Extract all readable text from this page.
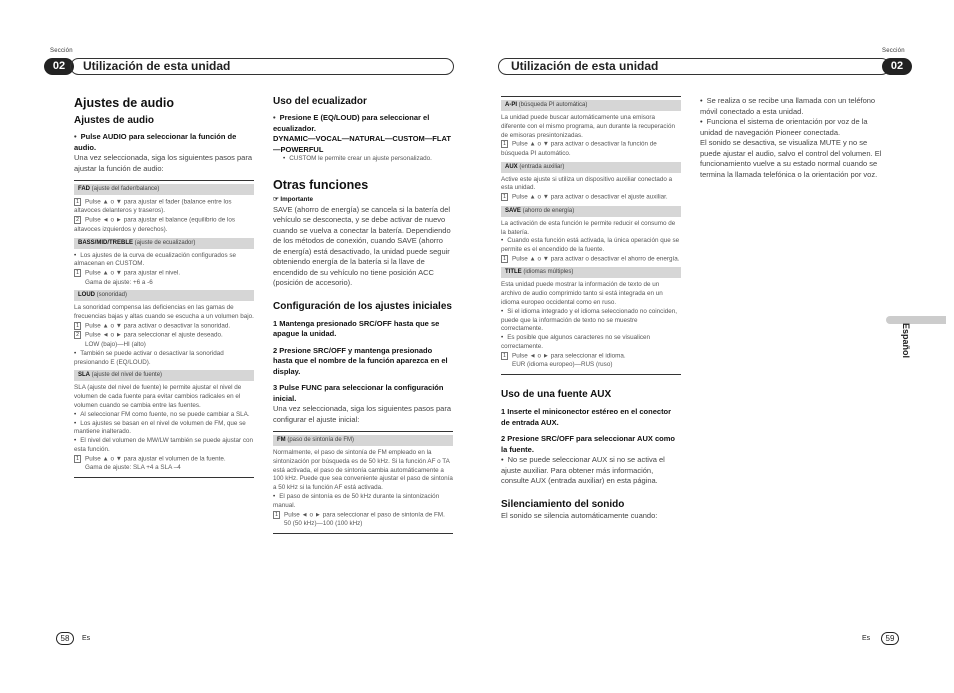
Sección
02	Utilización de esta unidad
Sección
Utilización de esta unidad	02
Ajustes de audio
Ajustes de audio
• Pulse AUDIO para seleccionar la función de audio.
Una vez seleccionada, siga los siguientes pasos para ajustar la función de audio:
FAD (ajuste del fader/balance)
1 Pulse ▲ o ▼ para ajustar el fader (balance entre los altavoces delanteros y traseros).
2 Pulse ◄ o ► para ajustar el balance (equilibrio de los altavoces izquierdos y derechos).
BASS/MID/TREBLE (ajuste de ecualizador)
• Los ajustes de la curva de ecualización configurados se almacenan en CUSTOM.
1 Pulse ▲ o ▼ para ajustar el nivel.
Gama de ajuste: +6 a -6
LOUD (sonoridad)
La sonoridad compensa las deficiencias en las gamas de frecuencias bajas y altas cuando se escucha a un volumen bajo.
1 Pulse ▲ o ▼ para activar o desactivar la sonoridad.
2 Pulse ◄ o ► para seleccionar el ajuste deseado.
LOW (bajo)—HI (alto)
• También se puede activar o desactivar la sonoridad presionando E (EQ/LOUD).
SLA (ajuste del nivel de fuente)
SLA (ajuste del nivel de fuente) le permite ajustar el nivel de volumen de cada fuente para evitar cambios radicales en el volumen cuando se cambia entre las fuentes.
• Al seleccionar FM como fuente, no se puede cambiar a SLA.
• Los ajustes se basan en el nivel de volumen de FM, que se mantiene inalterado.
• El nivel del volumen de MW/LW también se puede ajustar con esta función.
1 Pulse ▲ o ▼ para ajustar el volumen de la fuente.
Gama de ajuste: SLA +4 a SLA –4
Uso del ecualizador
• Presione E (EQ/LOUD) para seleccionar el ecualizador.
DYNAMIC—VOCAL—NATURAL—CUSTOM—FLAT—POWERFUL
• CUSTOM le permite crear un ajuste personalizado.
Otras funciones
☞ Importante
SAVE (ahorro de energía) se cancela si la batería del vehículo se desconecta, y se debe activar de nuevo cuando se vuelva a conectar la batería. Dependiendo de los métodos de conexión, cuando SAVE (ahorro de energía) está desactivado, la unidad puede seguir obteniendo energía de la batería si la llave de encendido de su vehículo no tiene posición ACC (posición de accesorio).
Configuración de los ajustes iniciales
1 Mantenga presionado SRC/OFF hasta que se apague la unidad.
2 Presione SRC/OFF y mantenga presionado hasta que el nombre de la función aparezca en el display.
3 Pulse FUNC para seleccionar la configuración inicial.
Una vez seleccionada, siga los siguientes pasos para configurar el ajuste inicial:
FM (paso de sintonía de FM)
Normalmente, el paso de sintonía de FM empleado en la sintonización por búsqueda es de 50 kHz. Si la función AF o TA está activada, el paso de sintonía cambia automáticamente a 100 kHz. Puede que sea conveniente ajustar el paso de sintonía a 50 kHz si la función AF está activada.
• El paso de sintonía es de 50 kHz durante la sintonización manual.
1 Pulse ◄ o ► para seleccionar el paso de sintonía de FM.
50 (50 kHz)—100 (100 kHz)
A-PI (búsqueda PI automática)
La unidad puede buscar automáticamente una emisora diferente con el mismo programa, aun durante la recuperación de emisoras presintonizadas.
1 Pulse ▲ o ▼ para activar o desactivar la función de búsqueda PI automático.
AUX (entrada auxiliar)
Active este ajuste si utiliza un dispositivo auxiliar conectado a esta unidad.
1 Pulse ▲ o ▼ para activar o desactivar el ajuste auxiliar.
SAVE (ahorro de energía)
La activación de esta función le permite reducir el consumo de la batería.
• Cuando esta función está activada, la única operación que se permite es el encendido de la fuente.
1 Pulse ▲ o ▼ para activar o desactivar el ahorro de energía.
TITLE (idiomas múltiples)
Esta unidad puede mostrar la información de texto de un archivo de audio comprimido tanto si está integrada en un idioma europeo occidental como en ruso.
• Si el idioma integrado y el idioma seleccionado no coinciden, puede que la información de texto no se muestre correctamente.
• Es posible que algunos caracteres no se visualicen correctamente.
1 Pulse ◄ o ► para seleccionar el idioma.
EUR (idioma europeo)—RUS (ruso)
Uso de una fuente AUX
1 Inserte el miniconector estéreo en el conector de entrada AUX.
2 Presione SRC/OFF para seleccionar AUX como la fuente.
• No se puede seleccionar AUX si no se activa el ajuste auxiliar. Para obtener más información, consulte AUX (entrada auxiliar) en esta página.
Silenciamiento del sonido
El sonido se silencia automáticamente cuando:
• Se realiza o se recibe una llamada con un teléfono móvil conectado a esta unidad.
• Funciona el sistema de orientación por voz de la unidad de navegación Pioneer conectada.
El sonido se desactiva, se visualiza MUTE y no se puede ajustar el audio, salvo el control del volumen. El funcionamiento vuelve a su estado normal cuando se termina la llamada telefónica o la orientación por voz.
Español
58	Es	Es	59
